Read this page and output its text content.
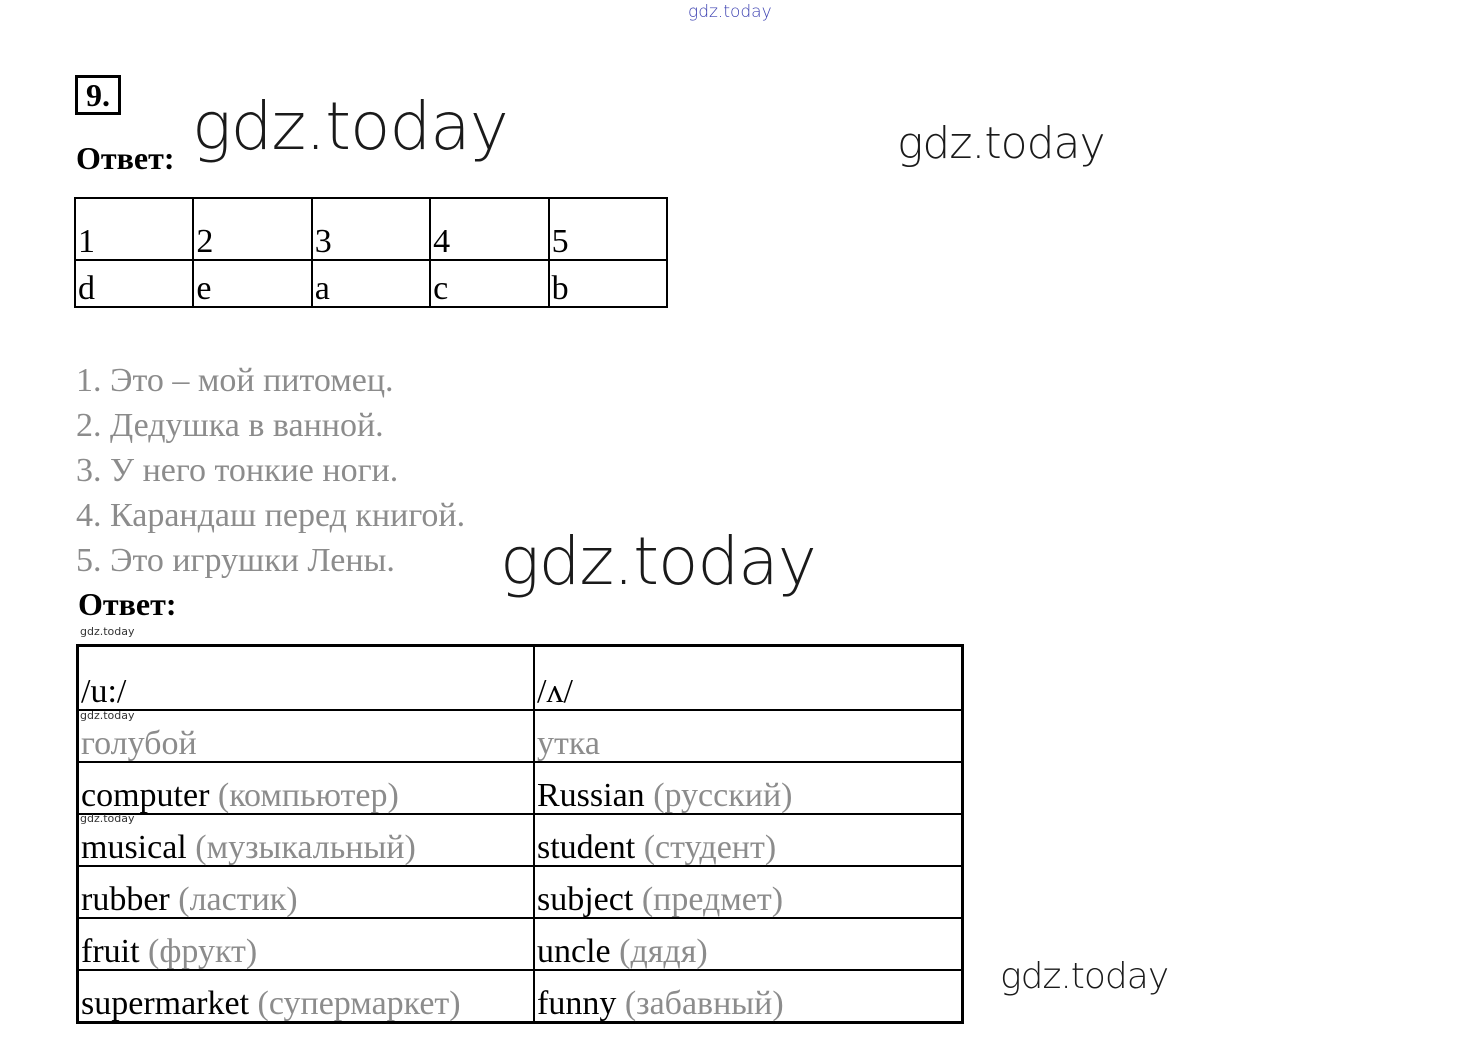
gdz.today
gdz.today	gdz.today
gdz.today
gdz.today
gdz.today
9.
Ответ:
1	2	3	4	5
d	e	a	c	b
1. Это – мой питомец.
2. Дедушка в ванной.
3. У него тонкие ноги.
4. Карандаш перед книгой.
5. Это игрушки Лены.
Ответ:
/u:/	/ʌ/
голубой	утка
computer (компьютер)	Russian (русский)
musical (музыкальный)	student (студент)
rubber (ластик)	subject (предмет)
fruit (фрукт)	uncle (дядя)
supermarket (супермаркет)	funny (забавный)
gdz.today
gdz.today
